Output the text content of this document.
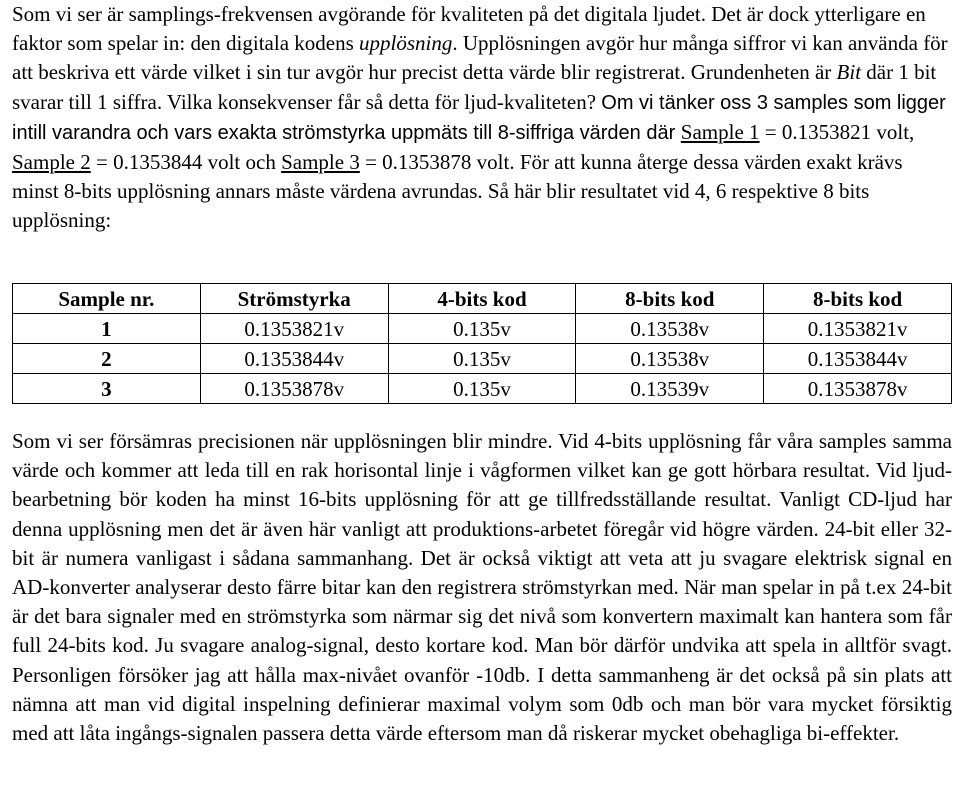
Som vi ser är samplings-frekvensen avgörande för kvaliteten på det digitala ljudet. Det är dock ytterligare en faktor som spelar in: den digitala kodens upplösning. Upplösningen avgör hur många siffror vi kan använda för att beskriva ett värde vilket i sin tur avgör hur precist detta värde blir registrerat. Grundenheten är Bit där 1 bit svarar till 1 siffra. Vilka konsekvenser får så detta för ljud-kvaliteten? Om vi tänker oss 3 samples som ligger intill varandra och vars exakta strömstyrka uppmäts till 8-siffriga värden där Sample 1 = 0.1353821 volt, Sample 2 = 0.1353844 volt och Sample 3 = 0.1353878 volt. För att kunna återge dessa värden exakt krävs minst 8-bits upplösning annars måste värdena avrundas. Så här blir resultatet vid 4, 6 respektive 8 bits upplösning:

Sample nr.	Strömstyrka	4-bits kod	8-bits kod	8-bits kod
1	0.1353821v	0.135v	0.13538v	0.1353821v
2	0.1353844v	0.135v	0.13538v	0.1353844v
3	0.1353878v	0.135v	0.13539v	0.1353878v

Som vi ser försämras precisionen när upplösningen blir mindre. Vid 4-bits upplösning får våra samples samma värde och kommer att leda till en rak horisontal linje i vågformen vilket kan ge gott hörbara resultat. Vid ljud-bearbetning bör koden ha minst 16-bits upplösning för att ge tillfredsställande resultat. Vanligt CD-ljud har denna upplösning men det är även här vanligt att produktions-arbetet föregår vid högre värden. 24-bit eller 32-bit är numera vanligast i sådana sammanhang. Det är också viktigt att veta att ju svagare elektrisk signal en AD-konverter analyserar desto färre bitar kan den registrera strömstyrkan med. När man spelar in på t.ex 24-bit är det bara signaler med en strömstyrka som närmar sig det nivå som konvertern maximalt kan hantera som får full 24-bits kod. Ju svagare analog-signal, desto kortare kod. Man bör därför undvika att spela in alltför svagt. Personligen försöker jag att hålla max-nivået ovanför -10db. I detta sammanheng är det också på sin plats att nämna att man vid digital inspelning definierar maximal volym som 0db och man bör vara mycket försiktig med att låta ingångs-signalen passera detta värde eftersom man då riskerar mycket obehagliga bi-effekter.
